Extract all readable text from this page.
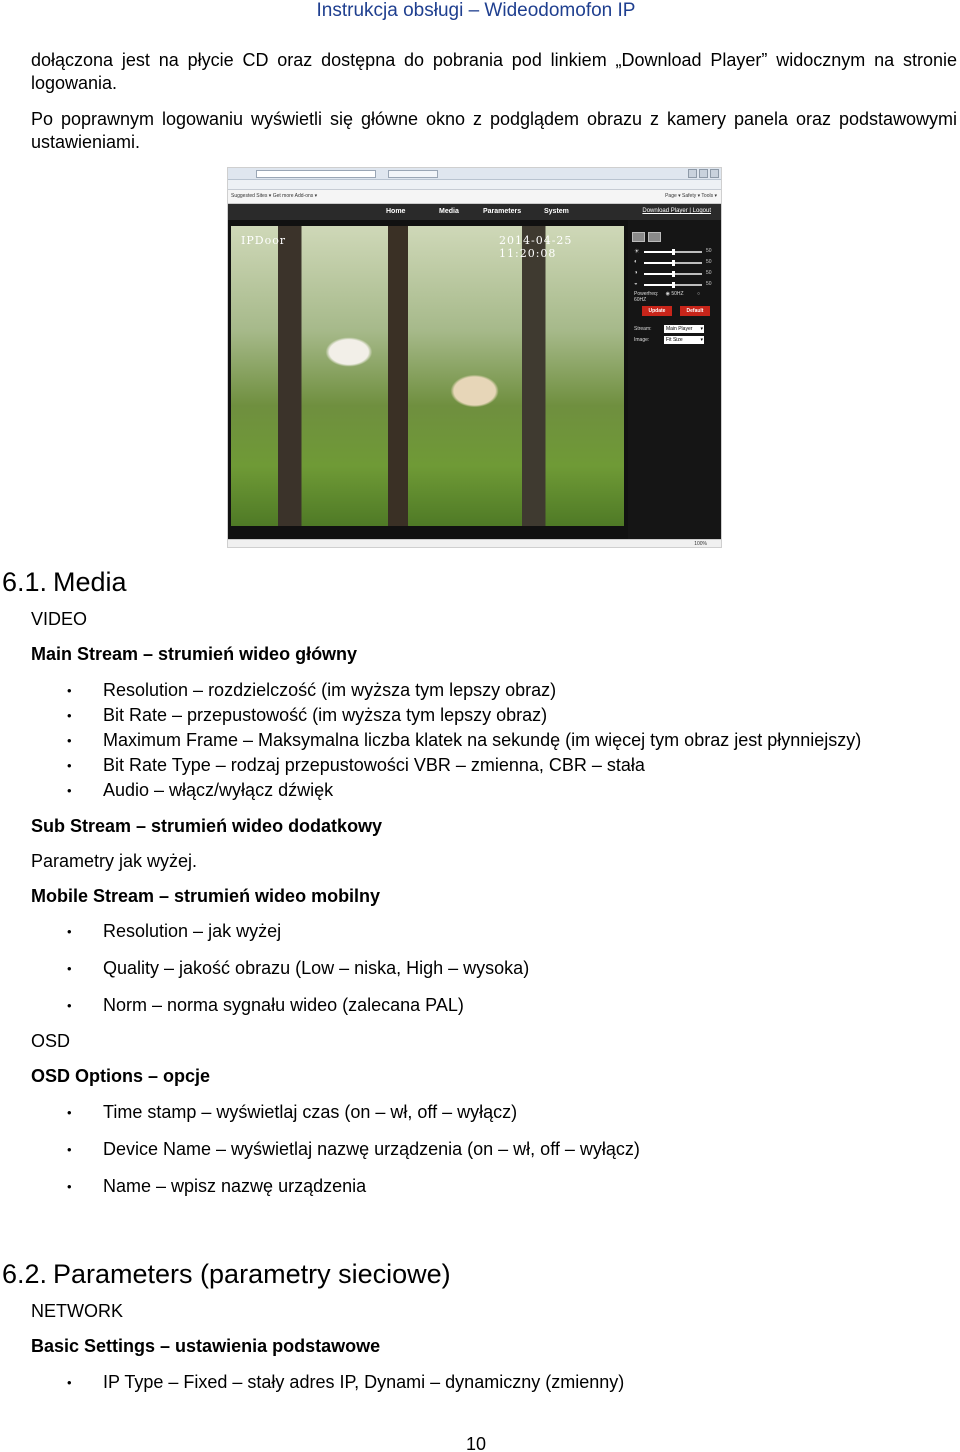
Instrukcja obsługi – Wideodomofon IP
dołączona jest na płycie CD oraz dostępna do pobrania pod linkiem „Download Player” widocznym na stronie logowania.
Po poprawnym logowaniu wyświetli się główne okno z podglądem obrazu z kamery panela oraz podstawowymi ustawieniami.
Suggested Sites ▾ Get more Add-ons ▾	Page ▾ Safety ▾ Tools ▾
Home	Media	Parameters	System	Download Player | Logout
IPDoor	2014-04-25 11:20:08	☀	50
◐	50
◑	50
◒	50
Powerfreq: ◉ 50HZ	○ 60HZ
Update	Default
Stream:	Main Player ▾
Image:	Fit Size ▾
100%
6.1. Media
VIDEO
Main Stream – strumień wideo główny
• Resolution – rozdzielczość (im wyższa tym lepszy obraz)
• Bit Rate – przepustowość (im wyższa tym lepszy obraz)
• Maximum Frame – Maksymalna liczba klatek na sekundę (im więcej tym obraz jest płynniejszy)
• Bit Rate Type – rodzaj przepustowości VBR – zmienna, CBR – stała
• Audio – włącz/wyłącz dźwięk
Sub Stream – strumień wideo dodatkowy
Parametry jak wyżej.
Mobile Stream – strumień wideo mobilny
• Resolution – jak wyżej
• Quality – jakość obrazu (Low – niska, High – wysoka)
• Norm – norma sygnału wideo (zalecana PAL)
OSD
OSD Options – opcje
• Time stamp – wyświetlaj czas (on – wł, off – wyłącz)
• Device Name – wyświetlaj nazwę urządzenia (on – wł, off – wyłącz)
• Name – wpisz nazwę urządzenia
6.2. Parameters (parametry sieciowe)
NETWORK
Basic Settings – ustawienia podstawowe
• IP Type – Fixed – stały adres IP, Dynami – dynamiczny (zmienny)
10
